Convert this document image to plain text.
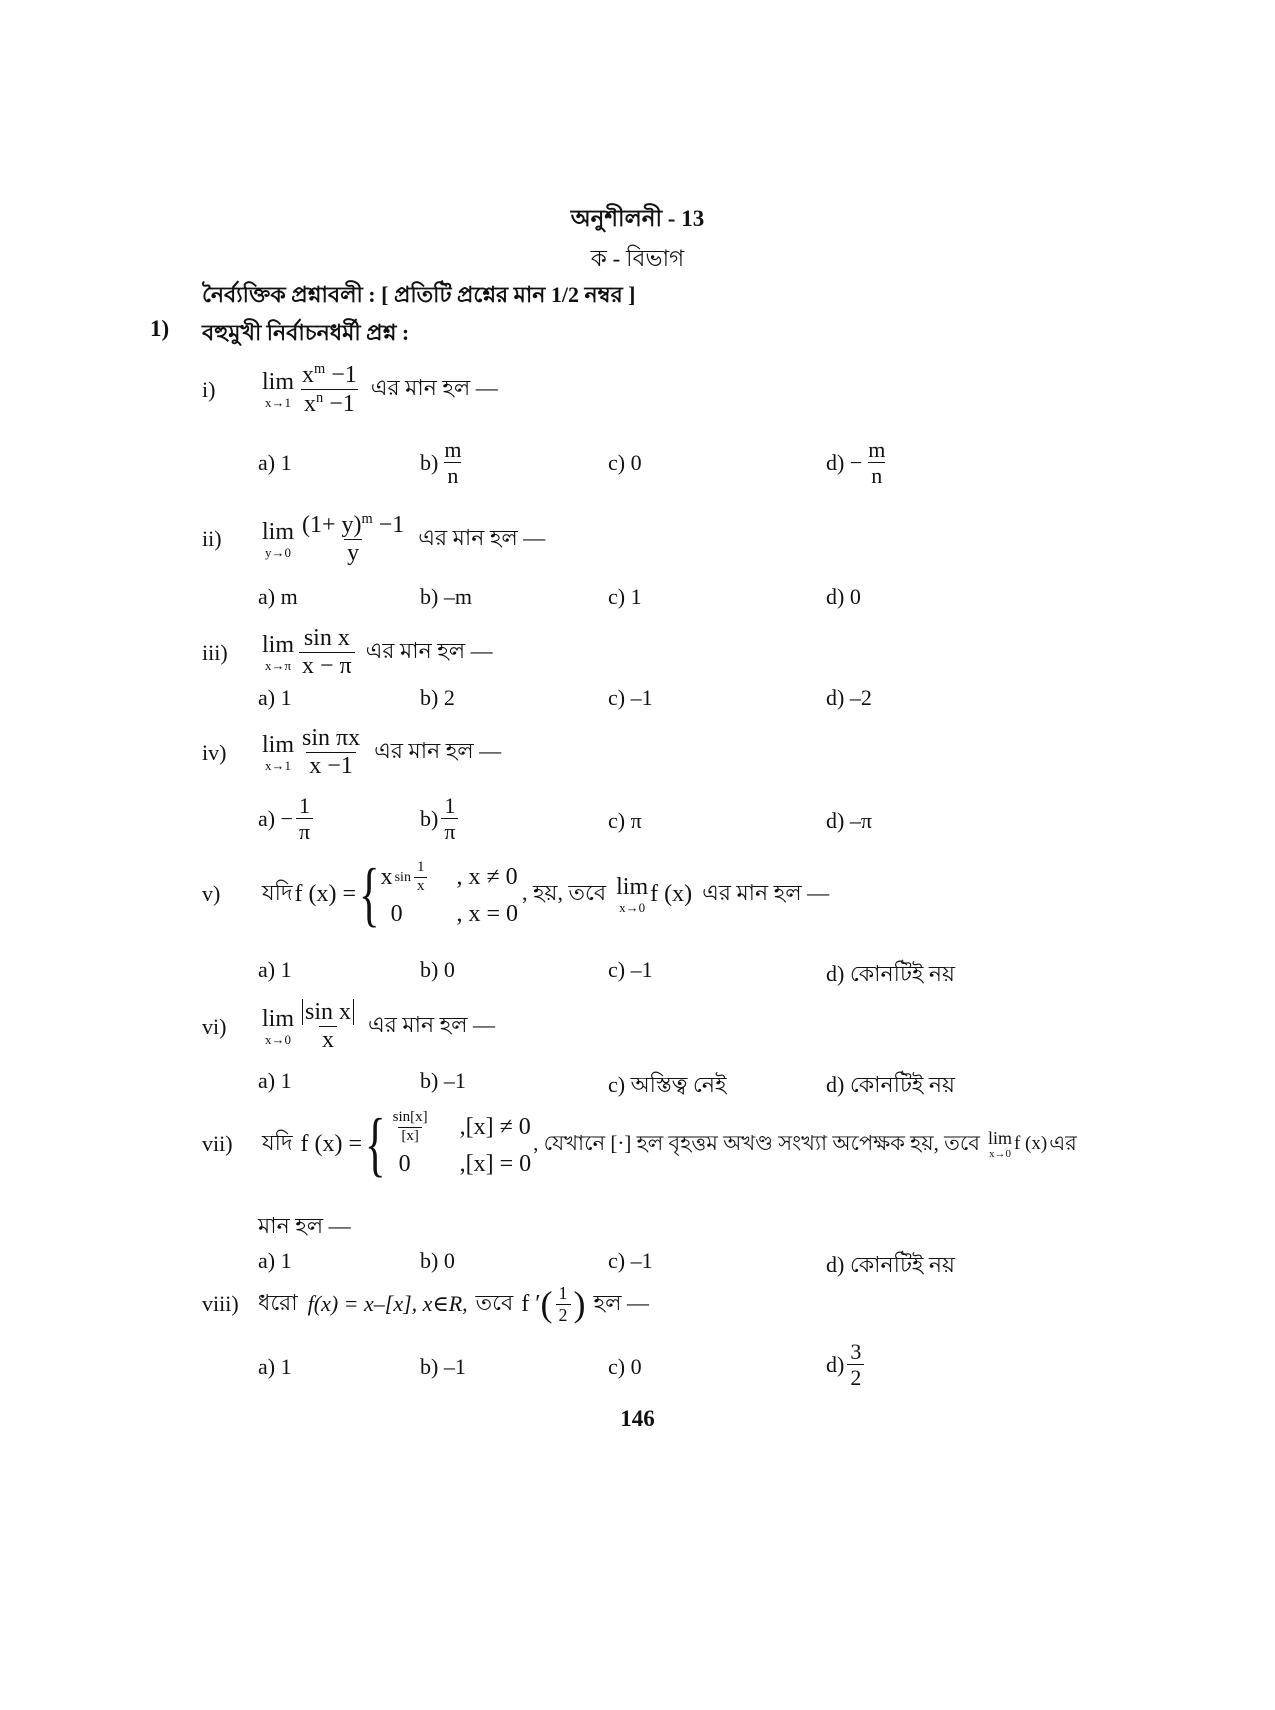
অনুশীলনী - 13
ক - বিভাগ
নৈর্ব্যক্তিক প্রশ্নাবলী : [ প্রতিটি প্রশ্নের মান 1/2 নম্বর ]
1) বহুমুখী নির্বাচনধর্মী প্রশ্ন :
i)	lim
$x\to 1 \frac{x^m -1}{x^n -1}$ এর মান হল —
a) 1	$b) \frac{m}{n}$	c) 0	$d) - \frac{m}{n}$
ii)	lim
$y\to 0 \frac{(1+ y)^m -1}{y}$ এর মান হল —
a) m	b) –m	c) 1	d) 0
iii)	lim
$x\to\pi \frac{\text{sin x}}{x - \pi}$ এর মান হল —
a) 1	b) 2	c) –1	d) –2
iv)	lim
$x\to 1 \frac{\text{sin πx}}{x -1}$ এর মান হল —
$a) - \frac{1}{\pi}$	$b) \frac{1}{\pi}$	c) π	d) –π
v)	যদি f (x) = { x $\sin \frac{1}{x}$ , x ≠ 0
0	, x = 0
, হয়, তবে lim
x→0
f (x) এর মান হল —
a) 1	b) 0	c) –1	d) কোনটিই নয়
vi)	lim
$x\to 0 \frac{\text{sin x}}{x}$ এর মান হল —
a) 1	b) –1	c) অস্তিত্ব নেই	d) কোনটিই নয়
vii)	যদি f (x) = { $\frac{\sin[x]}{[x]} ,[x] \ne 0$
0	,[x] = 0
, যেখানে [·] হল বৃহত্তম অখণ্ড সংখ্যা অপেক্ষক হয়, তবে lim
x→0 f (x) এর
মান হল —
a) 1	b) 0	c) –1	d) কোনটিই নয়
viii) ধরো f(x) = x–[x], x∈R, তবে f ′ ( $\frac{1}{2}$ ) হল —
a) 1	b) –1	c) 0	$d) \frac{3}{2}$
146
